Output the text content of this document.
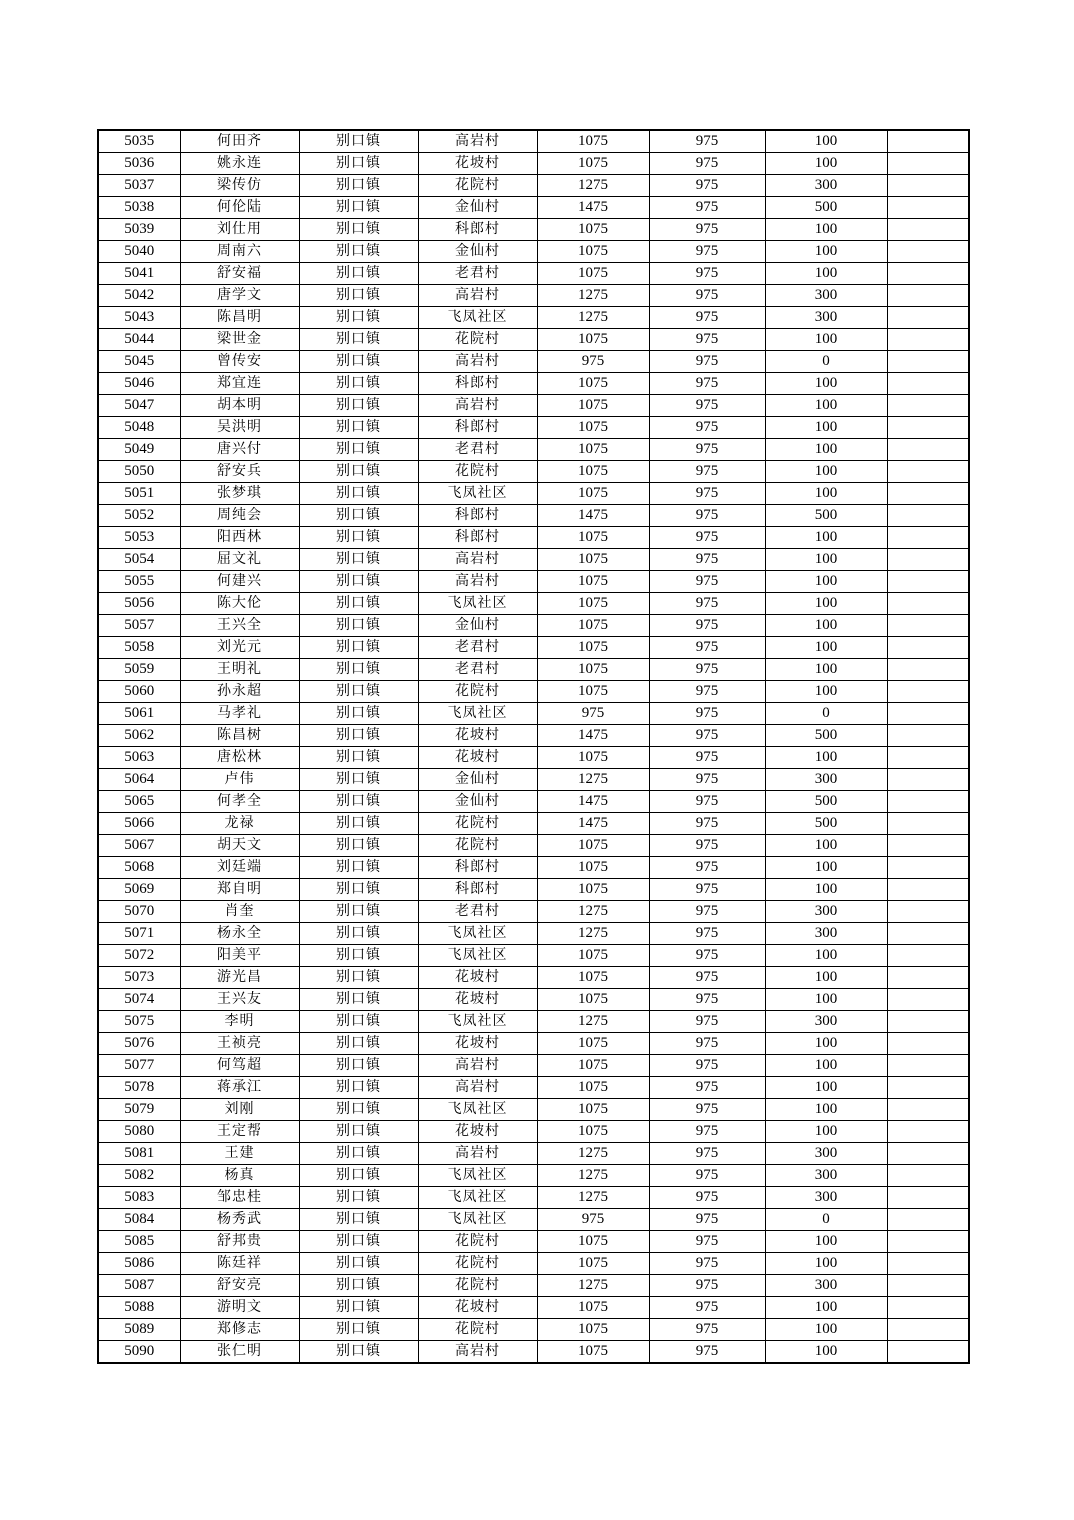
5035	何田齐	别口镇	高岩村	1075	975	100	
5036	姚永连	别口镇	花坡村	1075	975	100	
5037	梁传仿	别口镇	花院村	1275	975	300	
5038	何伦陆	别口镇	金仙村	1475	975	500	
5039	刘仕用	别口镇	科郎村	1075	975	100	
5040	周南六	别口镇	金仙村	1075	975	100	
5041	舒安福	别口镇	老君村	1075	975	100	
5042	唐学文	别口镇	高岩村	1275	975	300	
5043	陈昌明	别口镇	飞凤社区	1275	975	300	
5044	梁世金	别口镇	花院村	1075	975	100	
5045	曾传安	别口镇	高岩村	975	975	0	
5046	郑宜连	别口镇	科郎村	1075	975	100	
5047	胡本明	别口镇	高岩村	1075	975	100	
5048	吴洪明	别口镇	科郎村	1075	975	100	
5049	唐兴付	别口镇	老君村	1075	975	100	
5050	舒安兵	别口镇	花院村	1075	975	100	
5051	张梦琪	别口镇	飞凤社区	1075	975	100	
5052	周纯会	别口镇	科郎村	1475	975	500	
5053	阳西林	别口镇	科郎村	1075	975	100	
5054	屈文礼	别口镇	高岩村	1075	975	100	
5055	何建兴	别口镇	高岩村	1075	975	100	
5056	陈大伦	别口镇	飞凤社区	1075	975	100	
5057	王兴全	别口镇	金仙村	1075	975	100	
5058	刘光元	别口镇	老君村	1075	975	100	
5059	王明礼	别口镇	老君村	1075	975	100	
5060	孙永超	别口镇	花院村	1075	975	100	
5061	马孝礼	别口镇	飞凤社区	975	975	0	
5062	陈昌树	别口镇	花坡村	1475	975	500	
5063	唐松林	别口镇	花坡村	1075	975	100	
5064	卢伟	别口镇	金仙村	1275	975	300	
5065	何孝全	别口镇	金仙村	1475	975	500	
5066	龙禄	别口镇	花院村	1475	975	500	
5067	胡天文	别口镇	花院村	1075	975	100	
5068	刘廷端	别口镇	科郎村	1075	975	100	
5069	郑自明	别口镇	科郎村	1075	975	100	
5070	肖奎	别口镇	老君村	1275	975	300	
5071	杨永全	别口镇	飞凤社区	1275	975	300	
5072	阳美平	别口镇	飞凤社区	1075	975	100	
5073	游光昌	别口镇	花坡村	1075	975	100	
5074	王兴友	别口镇	花坡村	1075	975	100	
5075	李明	别口镇	飞凤社区	1275	975	300	
5076	王祯亮	别口镇	花坡村	1075	975	100	
5077	何笃超	别口镇	高岩村	1075	975	100	
5078	蒋承江	别口镇	高岩村	1075	975	100	
5079	刘刚	别口镇	飞凤社区	1075	975	100	
5080	王定帮	别口镇	花坡村	1075	975	100	
5081	王建	别口镇	高岩村	1275	975	300	
5082	杨真	别口镇	飞凤社区	1275	975	300	
5083	邹忠桂	别口镇	飞凤社区	1275	975	300	
5084	杨秀武	别口镇	飞凤社区	975	975	0	
5085	舒邦贵	别口镇	花院村	1075	975	100	
5086	陈廷祥	别口镇	花院村	1075	975	100	
5087	舒安亮	别口镇	花院村	1275	975	300	
5088	游明文	别口镇	花坡村	1075	975	100	
5089	郑修志	别口镇	花院村	1075	975	100	
5090	张仁明	别口镇	高岩村	1075	975	100	
